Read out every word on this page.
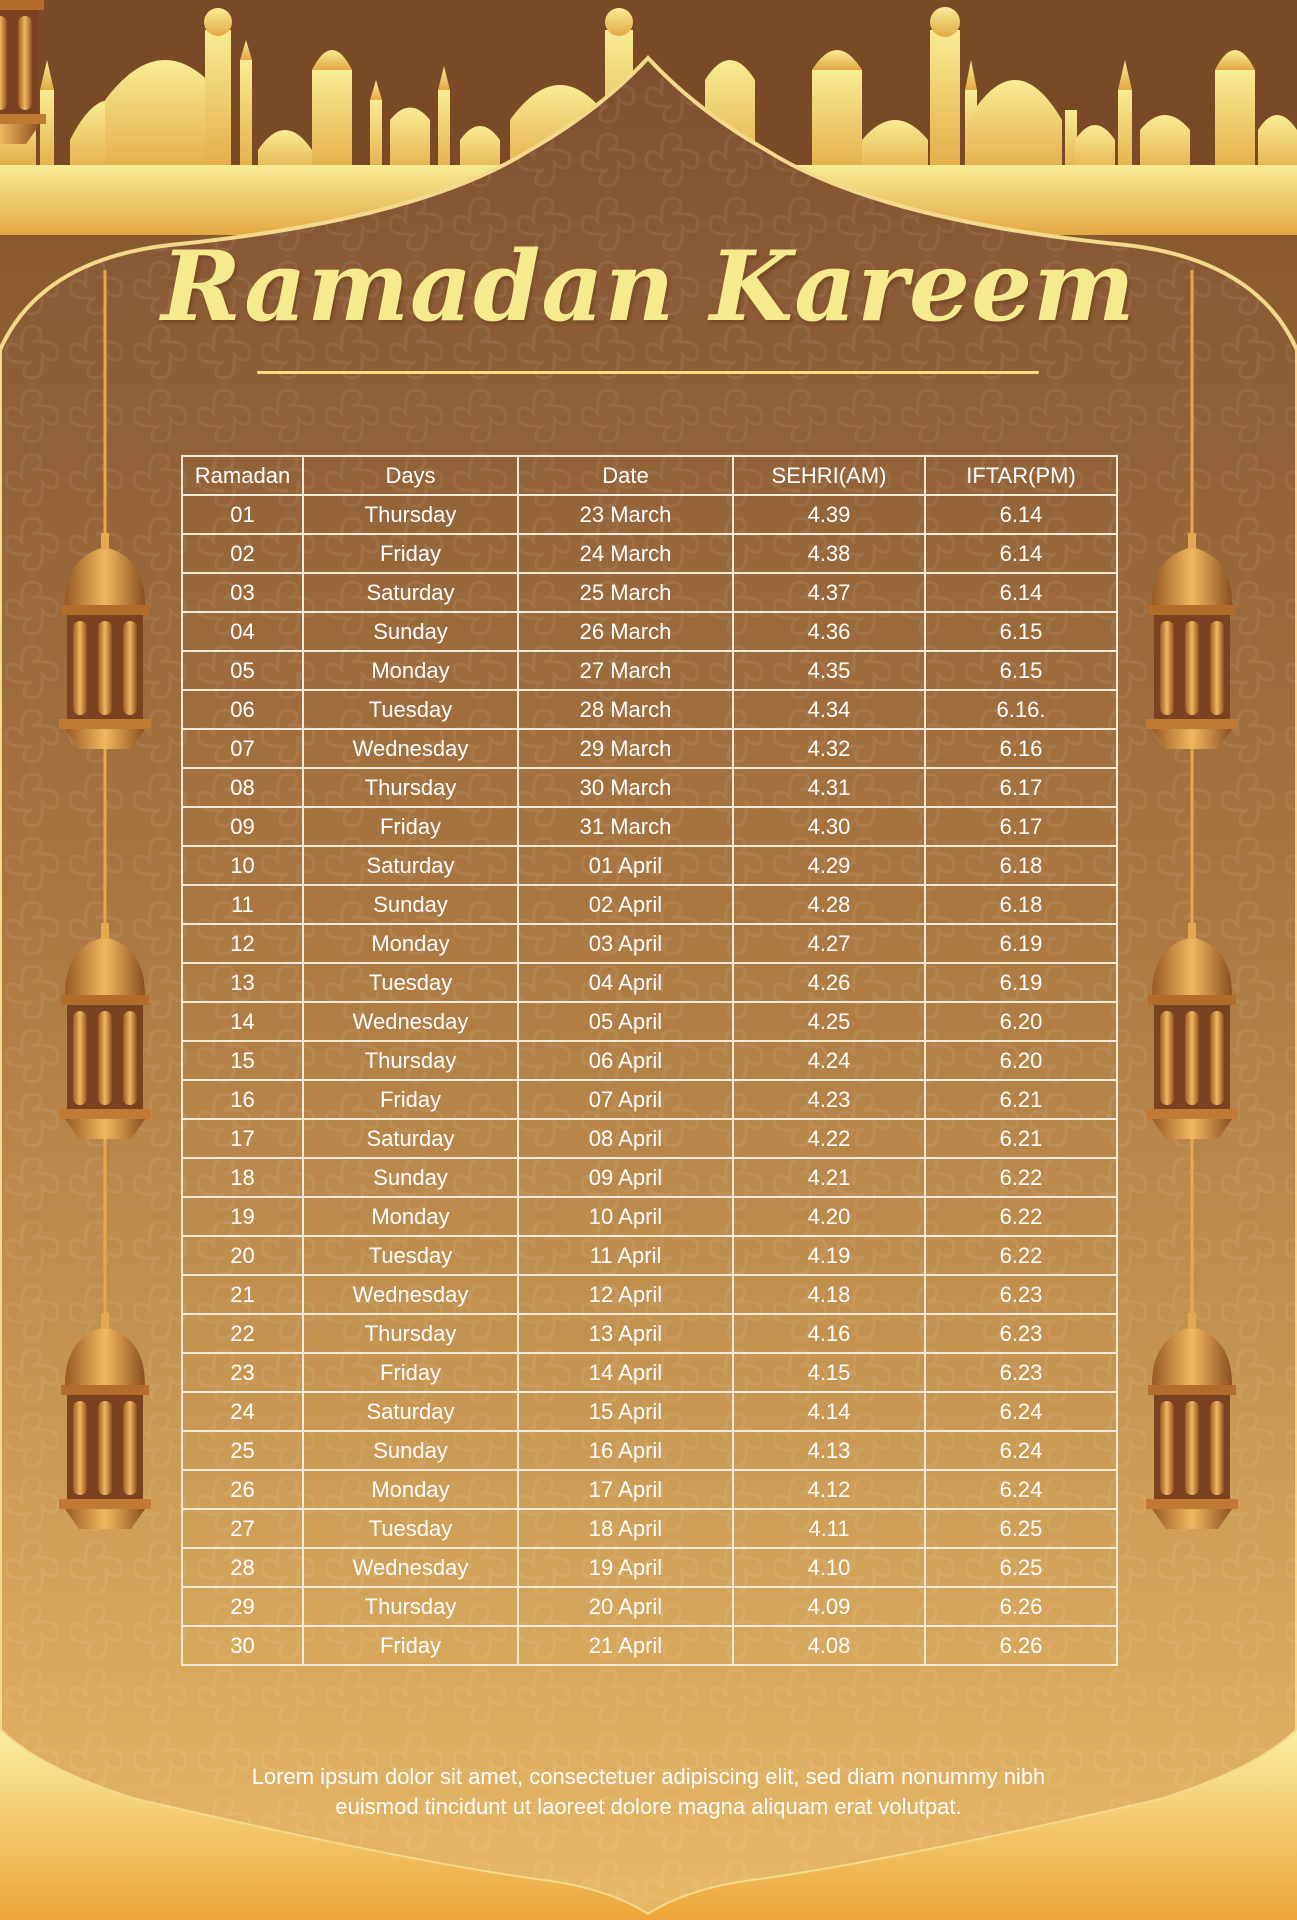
Ramadan Kareem
Ramadan	Days	Date	SEHRI(AM)	IFTAR(PM)
01	Thursday	23 March	4.39	6.14
02	Friday	24 March	4.38	6.14
03	Saturday	25 March	4.37	6.14
04	Sunday	26 March	4.36	6.15
05	Monday	27 March	4.35	6.15
06	Tuesday	28 March	4.34	6.16.
07	Wednesday	29 March	4.32	6.16
08	Thursday	30 March	4.31	6.17
09	Friday	31 March	4.30	6.17
10	Saturday	01 April	4.29	6.18
11	Sunday	02 April	4.28	6.18
12	Monday	03 April	4.27	6.19
13	Tuesday	04 April	4.26	6.19
14	Wednesday	05 April	4.25	6.20
15	Thursday	06 April	4.24	6.20
16	Friday	07 April	4.23	6.21
17	Saturday	08 April	4.22	6.21
18	Sunday	09 April	4.21	6.22
19	Monday	10 April	4.20	6.22
20	Tuesday	11 April	4.19	6.22
21	Wednesday	12 April	4.18	6.23
22	Thursday	13 April	4.16	6.23
23	Friday	14 April	4.15	6.23
24	Saturday	15 April	4.14	6.24
25	Sunday	16 April	4.13	6.24
26	Monday	17 April	4.12	6.24
27	Tuesday	18 April	4.11	6.25
28	Wednesday	19 April	4.10	6.25
29	Thursday	20 April	4.09	6.26
30	Friday	21 April	4.08	6.26
Lorem ipsum dolor sit amet, consectetuer adipiscing elit, sed diam nonummy nibh
euismod tincidunt ut laoreet dolore magna aliquam erat volutpat.
